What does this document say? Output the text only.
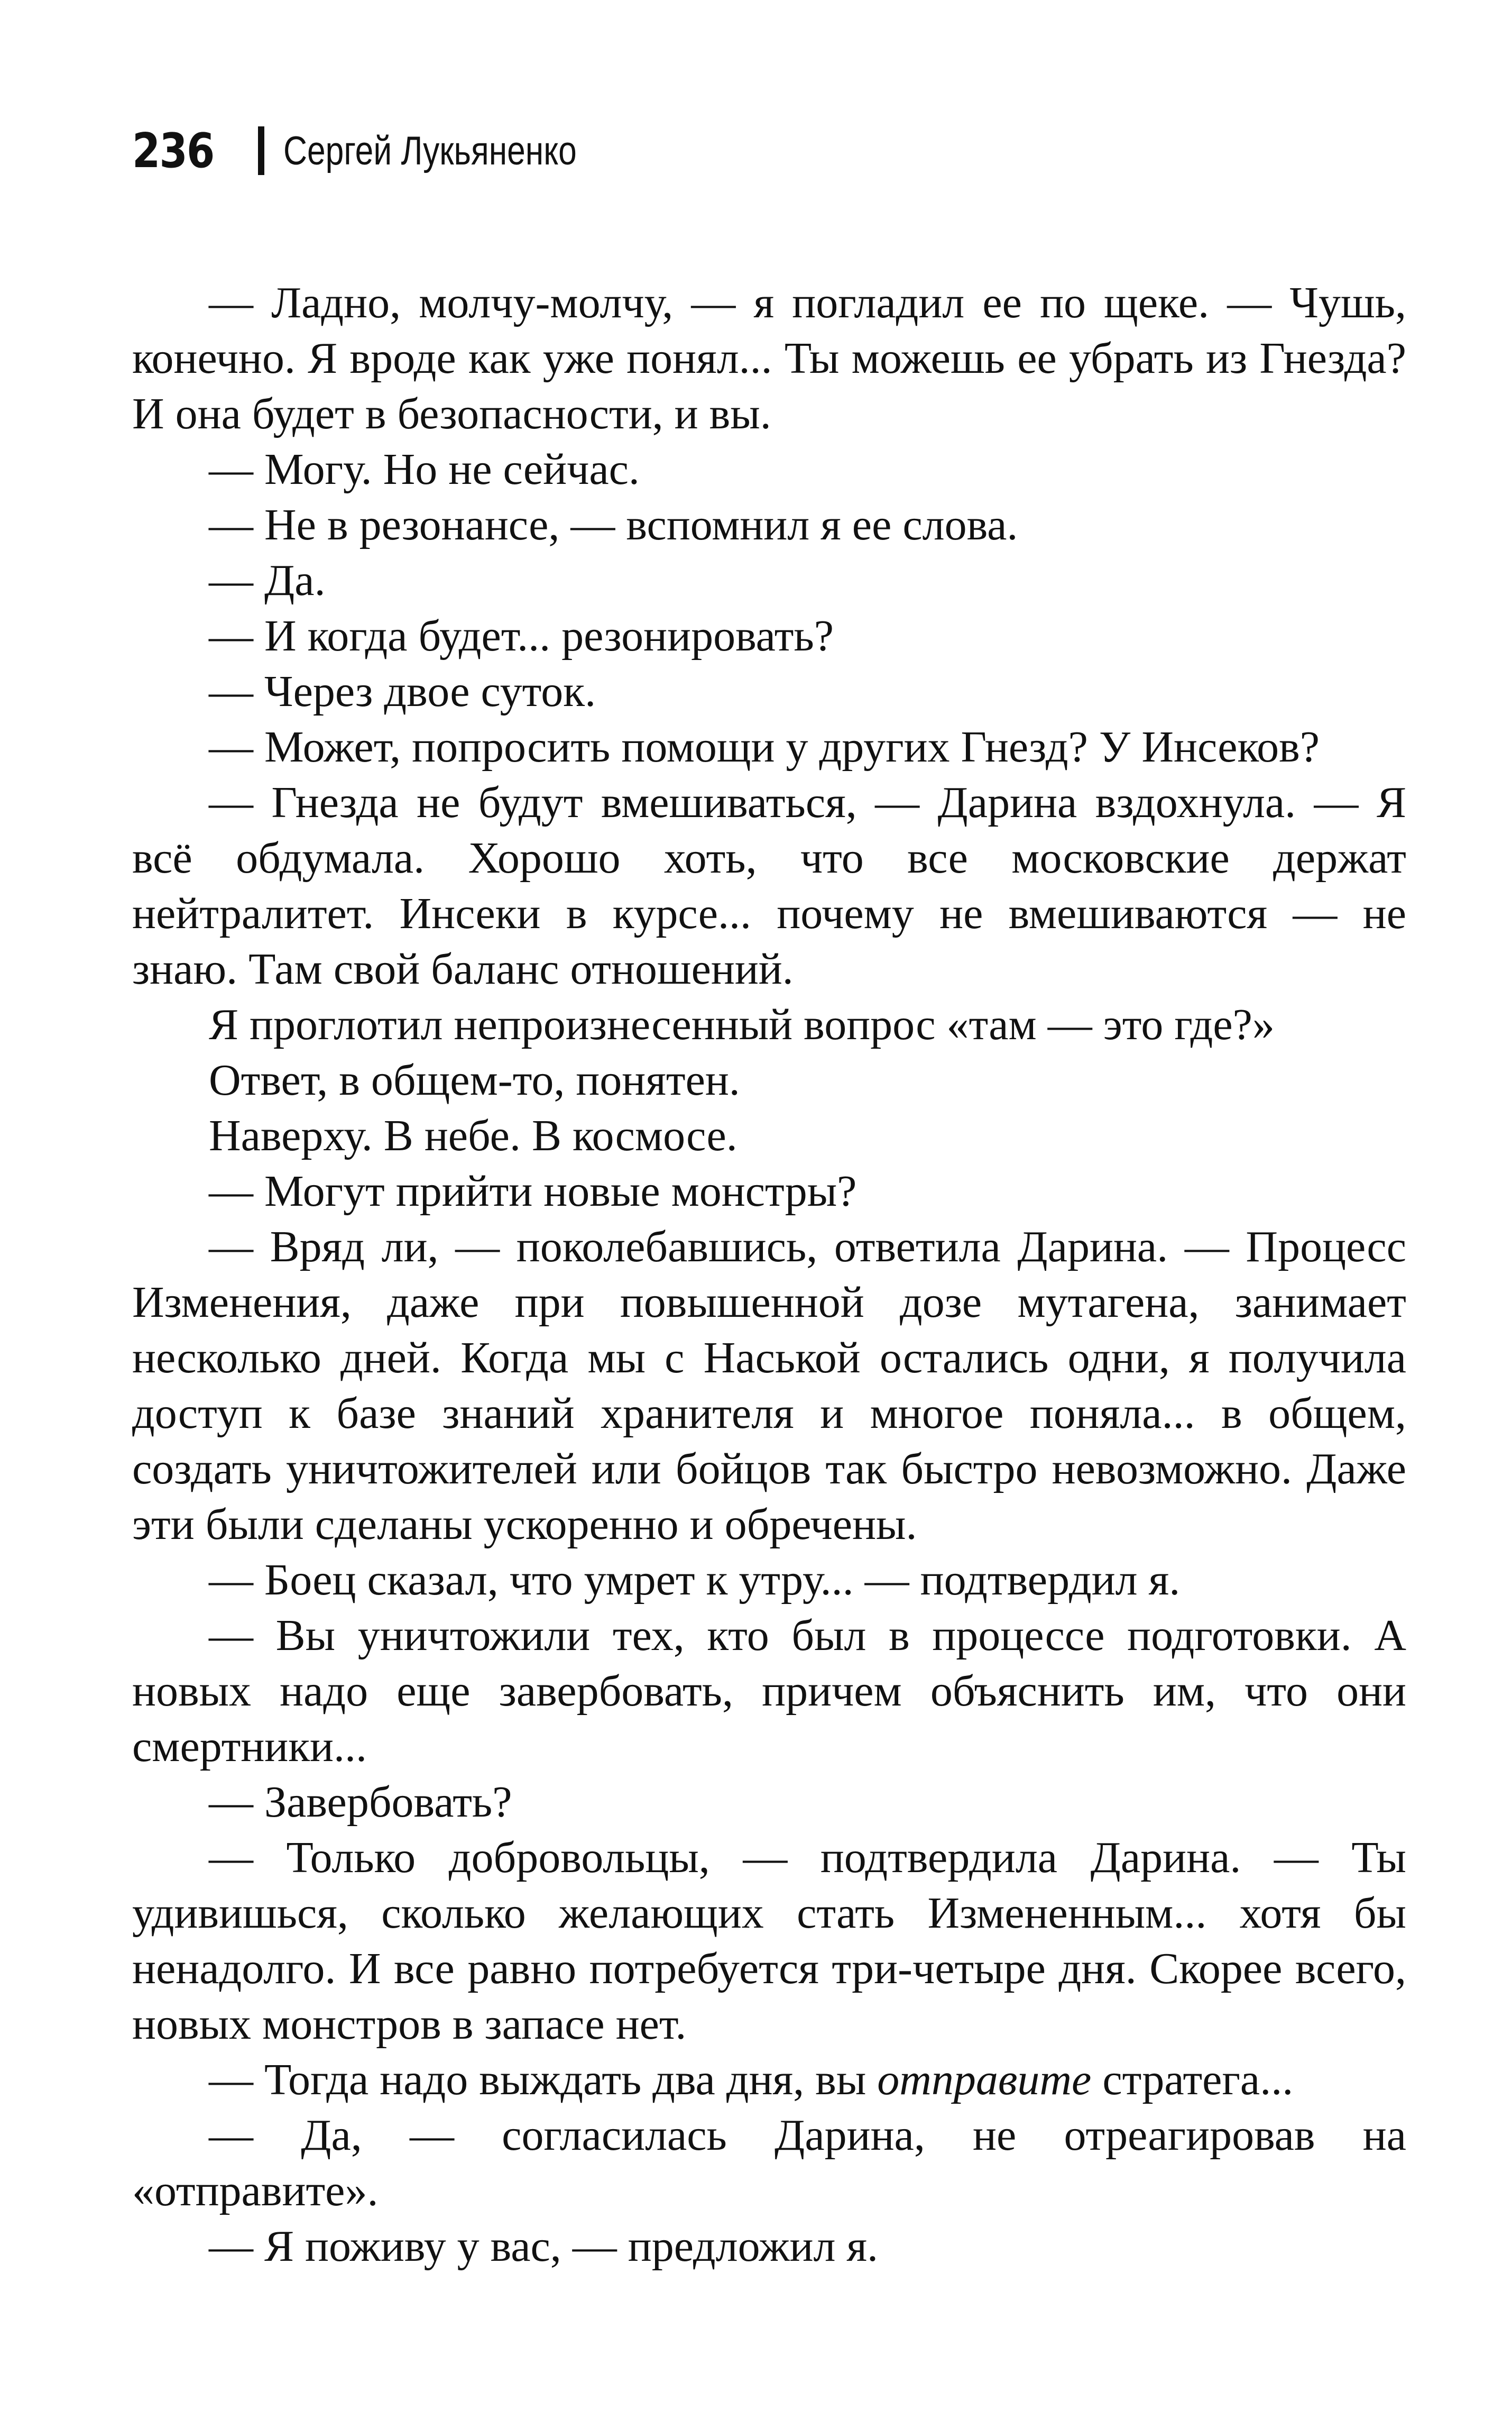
236 Сергей Лукьяненко

— Ладно, молчу-молчу, — я погладил ее по щеке. — Чушь, конечно. Я вроде как уже понял... Ты можешь ее убрать из Гнезда? И она будет в безопасности, и вы.

— Могу. Но не сейчас.

— Не в резонансе, — вспомнил я ее слова.

— Да.

— И когда будет... резонировать?

— Через двое суток.

— Может, попросить помощи у других Гнезд? У Инсеков?

— Гнезда не будут вмешиваться, — Дарина вздохнула. — Я всё обдумала. Хорошо хоть, что все московские держат нейтралитет. Инсеки в курсе... почему не вмешиваются — не знаю. Там свой баланс отношений.

Я проглотил непроизнесенный вопрос «там — это где?»

Ответ, в общем-то, понятен.

Наверху. В небе. В космосе.

— Могут прийти новые монстры?

— Вряд ли, — поколебавшись, ответила Дарина. — Процесс Изменения, даже при повышенной дозе мутагена, занимает несколько дней. Когда мы с Наськой остались одни, я получила доступ к базе знаний хранителя и многое поняла... в общем, создать уничтожителей или бойцов так быстро невозможно. Даже эти были сделаны ускоренно и обречены.

— Боец сказал, что умрет к утру... — подтвердил я.

— Вы уничтожили тех, кто был в процессе подготовки. А новых надо еще завербовать, причем объяснить им, что они смертники...

— Завербовать?

— Только добровольцы, — подтвердила Дарина. — Ты удивишься, сколько желающих стать Измененным... хотя бы ненадолго. И все равно потребуется три-четыре дня. Скорее всего, новых монстров в запасе нет.

— Тогда надо выждать два дня, вы отправите стратега...

— Да, — согласилась Дарина, не отреагировав на «отправите».

— Я поживу у вас, — предложил я.
